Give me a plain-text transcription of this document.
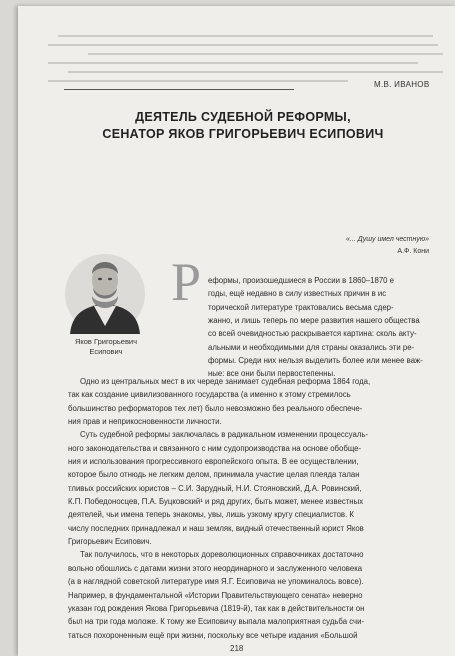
М.В. ИВАНОВ
ДЕЯТЕЛЬ СУДЕБНОЙ РЕФОРМЫ,
СЕНАТОР ЯКОВ ГРИГОРЬЕВИЧ ЕСИПОВИЧ
«... Душу имел честную»
А.Ф. Кони
Яков Григорьевич
Есипович
Р еформы, произошедшиеся в России в 1860–1870 е
годы, ещё недавно в силу известных причин в ис
торической литературе трактовались весьма сдер-
жанно, и лишь теперь по мере развития нашего общества
со всей очевидностью раскрывается картина: сколь акту-
альными и необходимыми для страны оказались эти ре-
формы. Среди них нельзя выделить более или менее важ-
ные: все они были первостепенны.
Одно из центральных мест в их череде занимает судебная реформа 1864 года,
так как создание цивилизованного государства (а именно к этому стремилось
большинство реформаторов тех лет) было невозможно без реального обеспече-
ния прав и неприкосновенности личности.
Суть судебной реформы заключалась в радикальном изменении процессуаль-
ного законодательства и связанного с ним судопроизводства на основе обобще-
ния и использования прогрессивного европейского опыта. В ее осуществлении,
которое было отнюдь не легким делом, принимала участие целая плеяда талан
тливых российских юристов – С.И. Зарудный, Н.И. Стояновский, Д.А. Ровинский,
К.П. Победоносцев, П.А. Буцковский¹ и ряд других, быть может, менее известных
деятелей, чьи имена теперь знакомы, увы, лишь узкому кругу специалистов. К
числу последних принадлежал и наш земляк, видный отечественный юрист Яков
Григорьевич Есипович.
Так получилось, что в некоторых дореволюционных справочниках достаточно
вольно обошлись с датами жизни этого неординарного и заслуженного человека
(а в наглядной советской литературе имя Я.Г. Есиповича не упоминалось вовсе).
Например, в фундаментальной «Истории Правительствующего сената» неверно
указан год рождения Якова Григорьевича (1819-й), так как в действительности он
был на три года моложе. К тому же Есиповичу выпала малоприятная судьба счи-
таться похороненным ещё при жизни, поскольку все четыре издания «Большой
218
